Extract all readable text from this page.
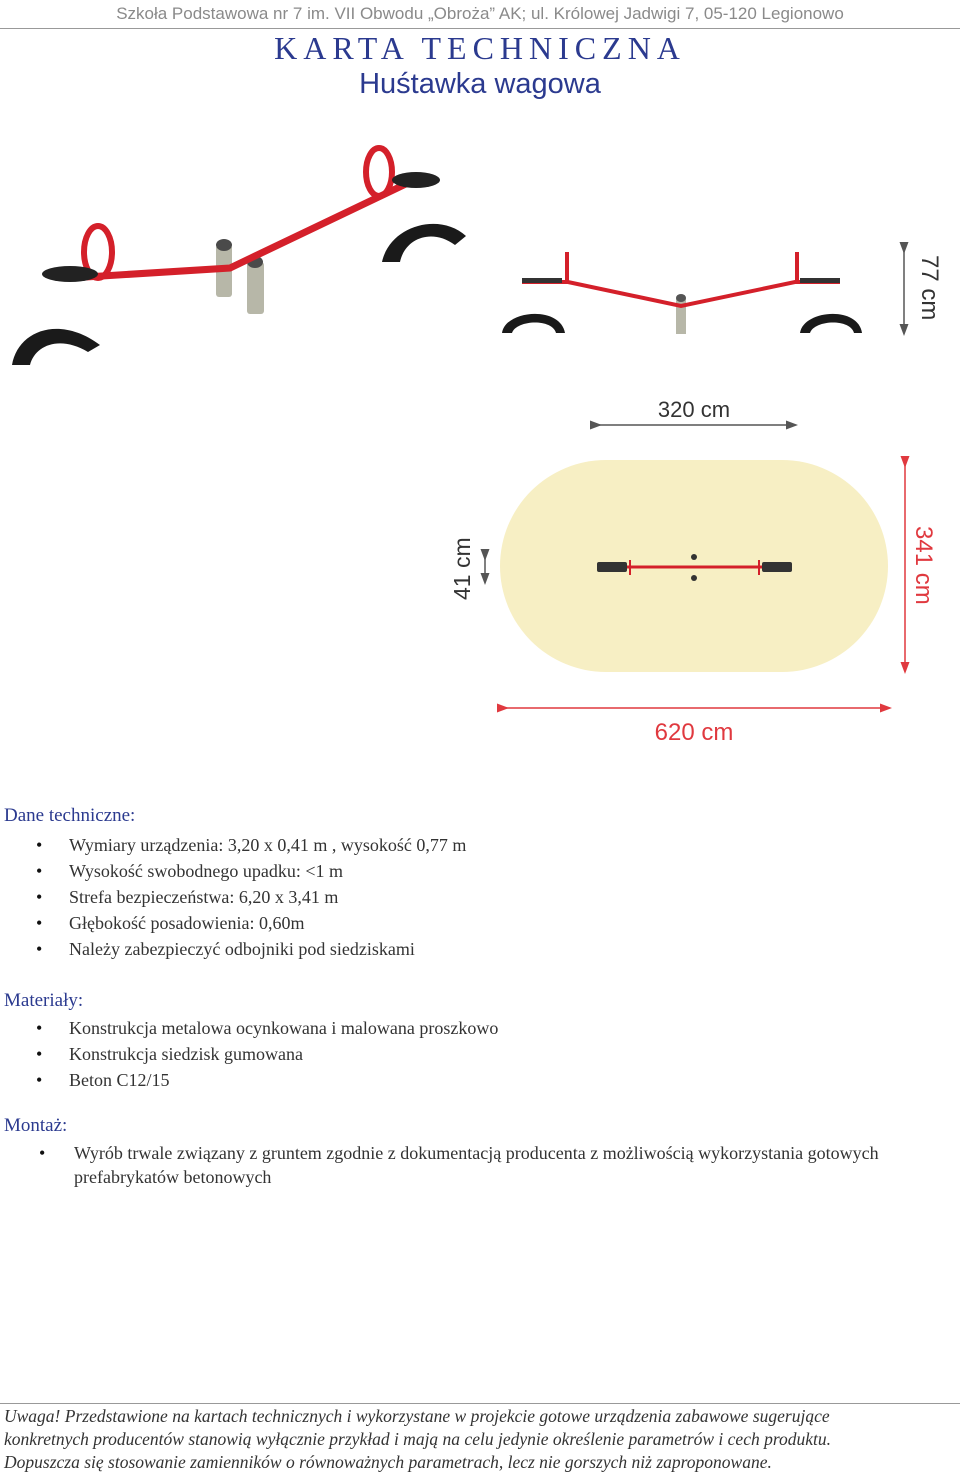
Szkoła Podstawowa nr 7 im. VII Obwodu „Obroża” AK; ul. Królowej Jadwigi 7, 05-120 Legionowo
KARTA TECHNICZNA
Huśtawka wagowa
77 cm
320 cm
41 cm	341 cm
620 cm
Dane techniczne:
• Wymiary urządzenia: 3,20 x 0,41 m , wysokość 0,77 m
• Wysokość swobodnego upadku: <1 m
• Strefa bezpieczeństwa: 6,20 x 3,41 m
• Głębokość posadowienia: 0,60m
• Należy zabezpieczyć odbojniki pod siedziskami
Materiały:
• Konstrukcja metalowa ocynkowana i malowana proszkowo
• Konstrukcja siedzisk gumowana
• Beton C12/15
Montaż:
• Wyrób trwale związany z gruntem zgodnie z dokumentacją producenta z możliwością wykorzystania gotowych prefabrykatów betonowych
Uwaga! Przedstawione na kartach technicznych i wykorzystane w projekcie gotowe urządzenia zabawowe sugerujące
konkretnych producentów stanowią wyłącznie przykład i mają na celu jedynie określenie parametrów i cech produktu.
Dopuszcza się stosowanie zamienników o równoważnych parametrach, lecz nie gorszych niż zaproponowane.
